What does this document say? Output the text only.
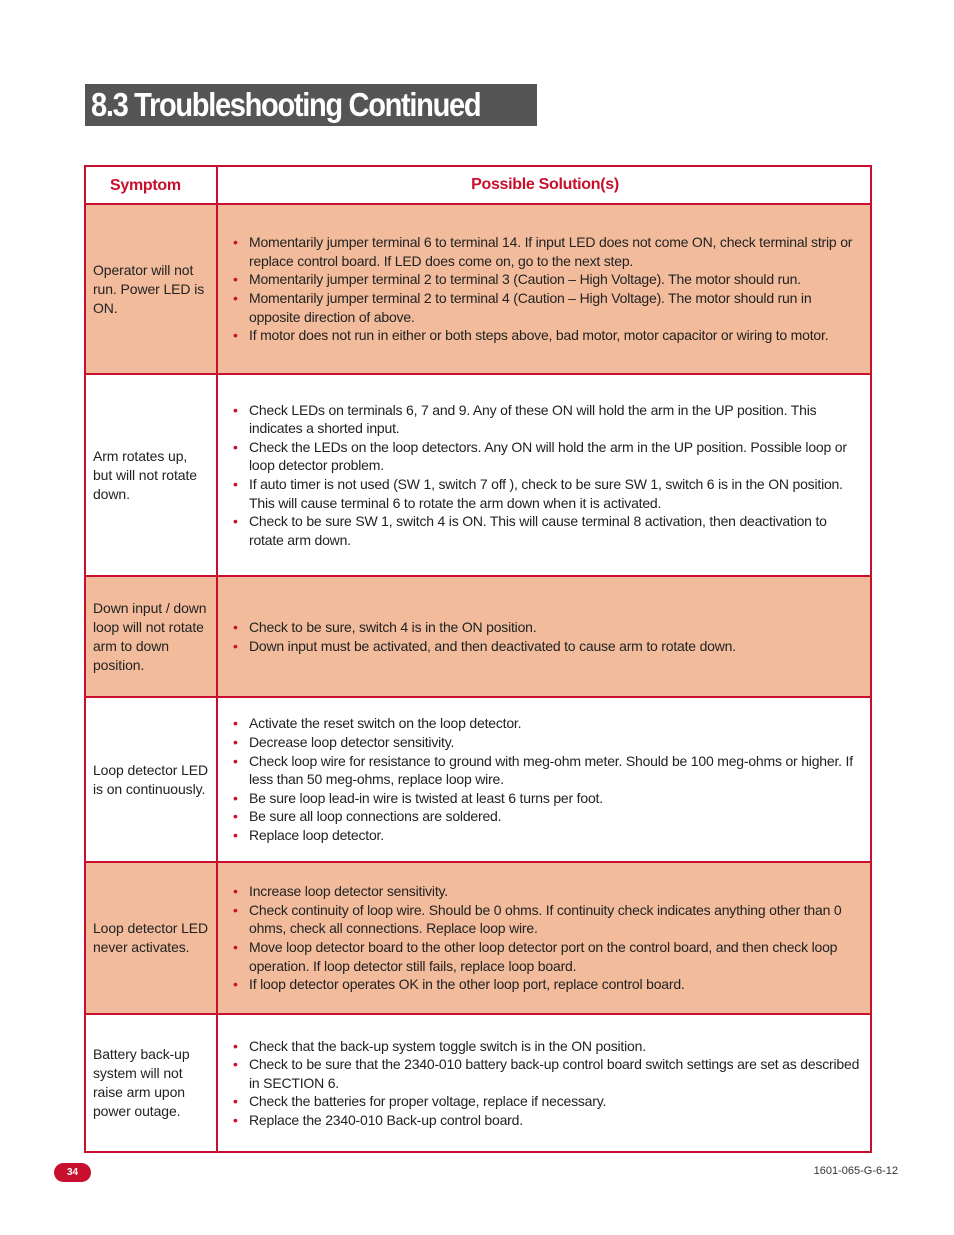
8.3 Troubleshooting Continued
Symptom	Possible Solution(s)
Operator will not run. Power LED is ON.
• Momentarily jumper terminal 6 to terminal 14. If input LED does not come ON, check terminal strip or replace control board. If LED does come on, go to the next step.
• Momentarily jumper terminal 2 to terminal 3 (Caution – High Voltage). The motor should run.
• Momentarily jumper terminal 2 to terminal 4 (Caution – High Voltage). The motor should run in opposite direction of above.
• If motor does not run in either or both steps above, bad motor, motor capacitor or wiring to motor.
Arm rotates up, but will not rotate down.
• Check LEDs on terminals 6, 7 and 9. Any of these ON will hold the arm in the UP position. This indicates a shorted input.
• Check the LEDs on the loop detectors. Any ON will hold the arm in the UP position. Possible loop or loop detector problem.
• If auto timer is not used (SW 1, switch 7 off ), check to be sure SW 1, switch 6 is in the ON position. This will cause terminal 6 to rotate the arm down when it is activated.
• Check to be sure SW 1, switch 4 is ON. This will cause terminal 8 activation, then deactivation to rotate arm down.
Down input / down loop will not rotate arm to down position.
• Check to be sure, switch 4 is in the ON position.
• Down input must be activated, and then deactivated to cause arm to rotate down.
Loop detector LED is on continuously.
• Activate the reset switch on the loop detector.
• Decrease loop detector sensitivity.
• Check loop wire for resistance to ground with meg-ohm meter. Should be 100 meg-ohms or higher. If less than 50 meg-ohms, replace loop wire.
• Be sure loop lead-in wire is twisted at least 6 turns per foot.
• Be sure all loop connections are soldered.
• Replace loop detector.
Loop detector LED never activates.
• Increase loop detector sensitivity.
• Check continuity of loop wire. Should be 0 ohms. If continuity check indicates anything other than 0 ohms, check all connections. Replace loop wire.
• Move loop detector board to the other loop detector port on the control board, and then check loop operation. If loop detector still fails, replace loop board.
• If loop detector operates OK in the other loop port, replace control board.
Battery back-up system will not raise arm upon power outage.
• Check that the back-up system toggle switch is in the ON position.
• Check to be sure that the 2340-010 battery back-up control board switch settings are set as described in SECTION 6.
• Check the batteries for proper voltage, replace if necessary.
• Replace the 2340-010 Back-up control board.
34	1601-065-G-6-12
